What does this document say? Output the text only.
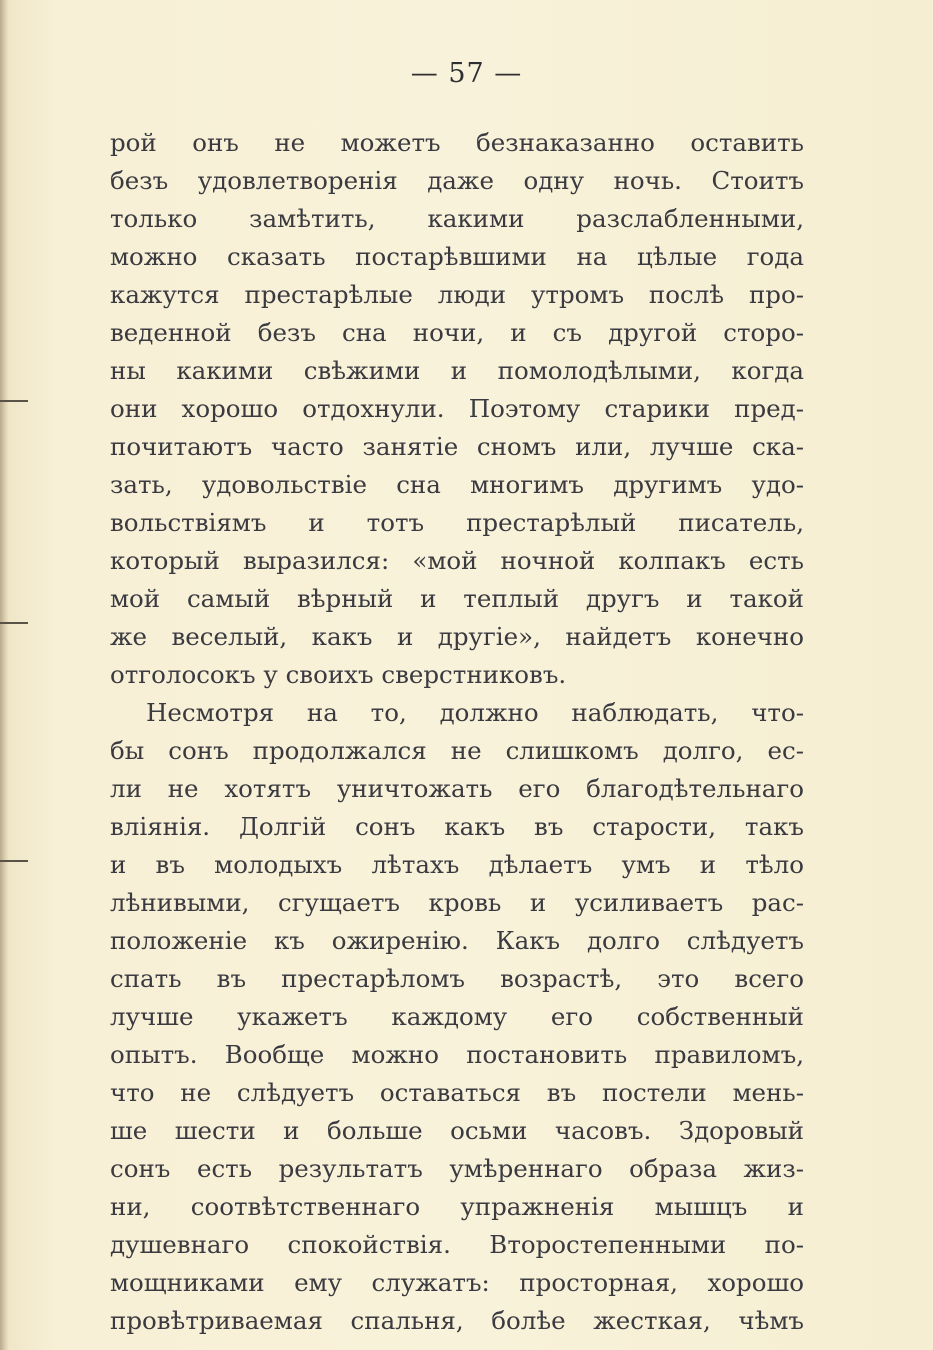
— 57 —
рой онъ не можетъ безнаказанно оставить
безъ удовлетворенія даже одну ночь. Стоитъ
только замѣтить, какими разслабленными,
можно сказать постарѣвшими на цѣлые года
кажутся престарѣлые люди утромъ послѣ про-
веденной безъ сна ночи, и съ другой сторо-
ны какими свѣжими и помолодѣлыми, когда
они хорошо отдохнули. Поэтому старики пред-
почитаютъ часто занятіе сномъ или, лучше ска-
зать, удовольствіе сна многимъ другимъ удо-
вольствіямъ и тотъ престарѣлый писатель,
который выразился: «мой ночной колпакъ есть
мой самый вѣрный и теплый другъ и такой
же веселый, какъ и другіе», найдетъ конечно
отголосокъ у своихъ сверстниковъ.
Несмотря на то, должно наблюдать, что-
бы сонъ продолжался не слишкомъ долго, ес-
ли не хотятъ уничтожать его благодѣтельнаго
вліянія. Долгій сонъ какъ въ старости, такъ
и въ молодыхъ лѣтахъ дѣлаетъ умъ и тѣло
лѣнивыми, сгущаетъ кровь и усиливаетъ рас-
положеніе къ ожиренію. Какъ долго слѣдуетъ
спать въ престарѣломъ возрастѣ, это всего
лучше укажетъ каждому его собственный
опытъ. Вообще можно постановить правиломъ,
что не слѣдуетъ оставаться въ постели мень-
ше шести и больше осьми часовъ. Здоровый
сонъ есть результатъ умѣреннаго образа жиз-
ни, соотвѣтственнаго упражненія мышцъ и
душевнаго спокойствія. Второстепенными по-
мощниками ему служатъ: просторная, хорошо
провѣтриваемая спальня, болѣе жесткая, чѣмъ
